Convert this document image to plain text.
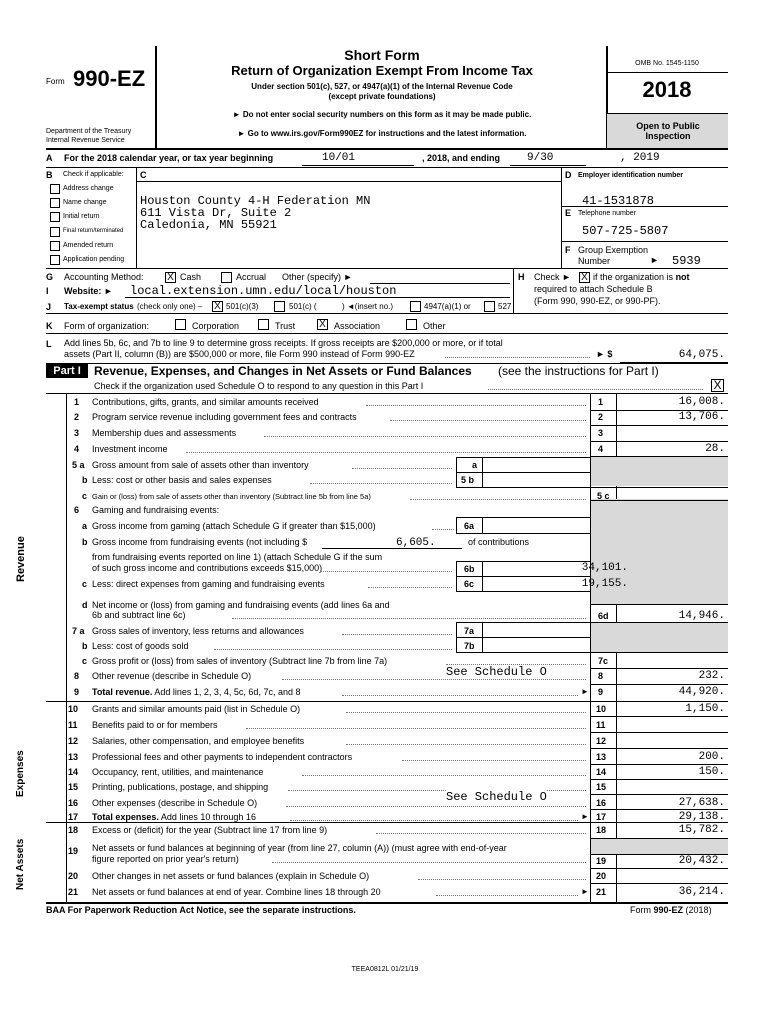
Form 990-EZ
Department of the Treasury
Internal Revenue Service
Short Form
Return of Organization Exempt From Income Tax
Under section 501(c), 527, or 4947(a)(1) of the Internal Revenue Code
(except private foundations)
► Do not enter social security numbers on this form as it may be made public.
► Go to www.irs.gov/Form990EZ for instructions and the latest information.
OMB No. 1545-1150
2018
Open to Public Inspection
A For the 2018 calendar year, or tax year beginning	10/01	, 2018, and ending 9/30	, 2019
B Check if applicable:
Address change
Name change
Initial return
Final return/terminated
Amended return
Application pending
C
Houston County 4-H Federation MN
611 Vista Dr, Suite 2
Caledonia, MN 55921
D Employer identification number
41-1531878
E Telephone number
507-725-5807
F Group Exemption
Number	► 5939
G Accounting Method: X Cash	Accrual Other (specify) ►	H Check ► X if the organization is not
required to attach Schedule B
(Form 990, 990-EZ, or 990-PF).
I Website: ► local.extension.umn.edu/local/houston
J Tax-exempt status (check only one) – X 501(c)(3)	501(c) (	) ◄(insert no.)	4947(a)(1) or	527
K Form of organization:	Corporation	Trust X Association	Other
L Add lines 5b, 6c, and 7b to line 9 to determine gross receipts. If gross receipts are $200,000 or more, or if total
assets (Part II, column (B)) are $500,000 or more, file Form 990 instead of Form 990-EZ	► $	64,075.
Part I	Revenue, Expenses, and Changes in Net Assets or Fund Balances (see the instructions for Part I)
Check if the organization used Schedule O to respond to any question in this Part I	X
Revenue
Expenses
Net Assets
1 Contributions, gifts, grants, and similar amounts received	1	16,008.
2 Program service revenue including government fees and contracts	2	13,706.
3 Membership dues and assessments	3
4 Investment income	4	28.
5 a Gross amount from sale of assets other than inventory	a
b Less: cost or other basis and sales expenses	5 b
c Gain or (loss) from sale of assets other than inventory (Subtract line 5b from line 5a)	5 c
6 Gaming and fundraising events:
a Gross income from gaming (attach Schedule G if greater than $15,000)	6a
b Gross income from fundraising events (not including $	6,605.	of contributions
from fundraising events reported on line 1) (attach Schedule G if the sum
of such gross income and contributions exceeds $15,000)	6b	34,101.
c Less: direct expenses from gaming and fundraising events	6c	19,155.
d Net income or (loss) from gaming and fundraising events (add lines 6a and
6b and subtract line 6c)	6d	14,946.
7 a Gross sales of inventory, less returns and allowances	7a
b Less: cost of goods sold	7b
c Gross profit or (loss) from sales of inventory (Subtract line 7b from line 7a)	7c
8 Other revenue (describe in Schedule O)	See Schedule O	8	232.
9 Total revenue. Add lines 1, 2, 3, 4, 5c, 6d, 7c, and 8	► 9	44,920.
10 Grants and similar amounts paid (list in Schedule O)	10	1,150.
11 Benefits paid to or for members	11
12 Salaries, other compensation, and employee benefits	12
13 Professional fees and other payments to independent contractors	13	200.
14 Occupancy, rent, utilities, and maintenance	14	150.
15 Printing, publications, postage, and shipping	15
16 Other expenses (describe in Schedule O)	See Schedule O	16	27,638.
17 Total expenses. Add lines 10 through 16	► 17	29,138.
18 Excess or (deficit) for the year (Subtract line 17 from line 9)	18	15,782.
19 Net assets or fund balances at beginning of year (from line 27, column (A)) (must agree with end-of-year
figure reported on prior year's return)	19	20,432.
20 Other changes in net assets or fund balances (explain in Schedule O)	20
21 Net assets or fund balances at end of year. Combine lines 18 through 20	► 21	36,214.
BAA For Paperwork Reduction Act Notice, see the separate instructions.	Form 990-EZ (2018)
TEEA0812L 01/21/19
